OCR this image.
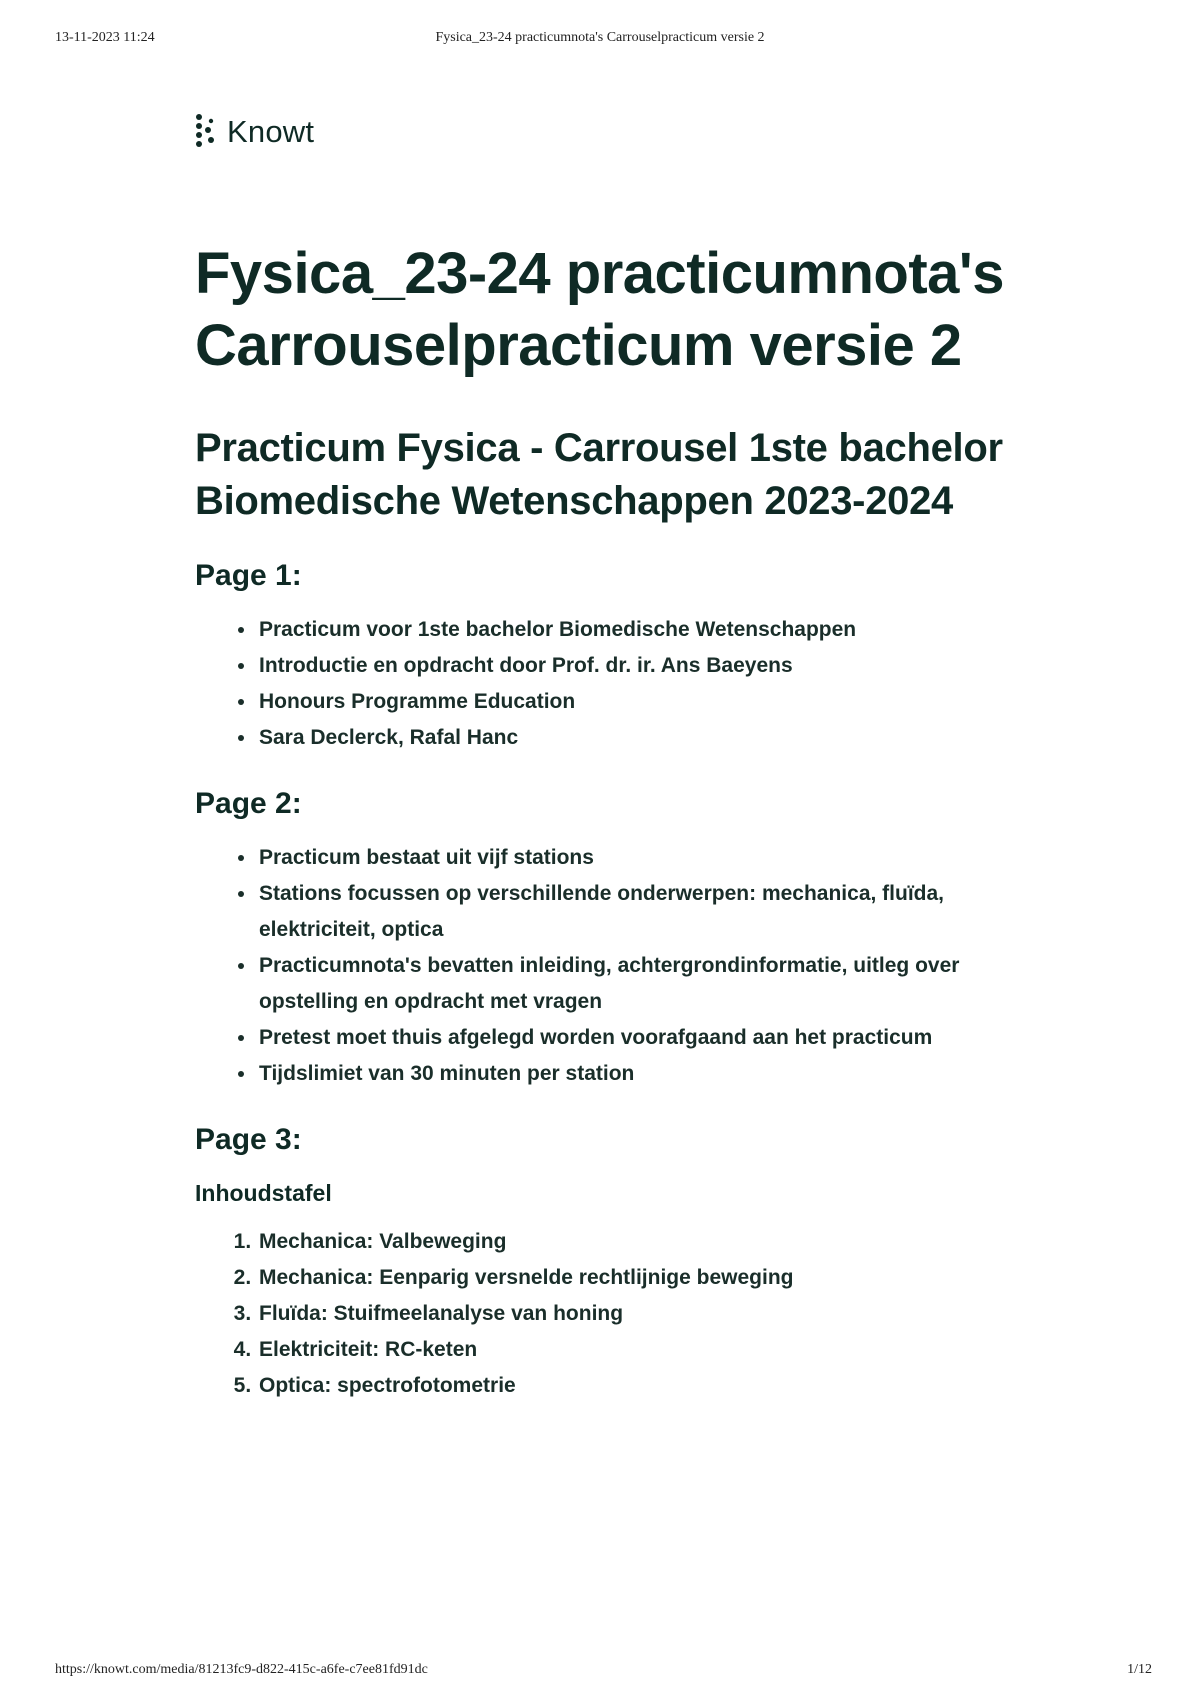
13-11-2023 11:24	Fysica_23-24 practicumnota's Carrouselpracticum versie 2
Knowt
Fysica_23-24 practicumnota's Carrouselpracticum versie 2
Practicum Fysica - Carrousel 1ste bachelor Biomedische Wetenschappen 2023-2024
Page 1:
• Practicum voor 1ste bachelor Biomedische Wetenschappen
• Introductie en opdracht door Prof. dr. ir. Ans Baeyens
• Honours Programme Education
• Sara Declerck, Rafal Hanc
Page 2:
• Practicum bestaat uit vijf stations
• Stations focussen op verschillende onderwerpen: mechanica, fluïda, elektriciteit, optica
• Practicumnota's bevatten inleiding, achtergrondinformatie, uitleg over opstelling en opdracht met vragen
• Pretest moet thuis afgelegd worden voorafgaand aan het practicum
• Tijdslimiet van 30 minuten per station
Page 3:
Inhoudstafel
1. Mechanica: Valbeweging
2. Mechanica: Eenparig versnelde rechtlijnige beweging
3. Fluïda: Stuifmeelanalyse van honing
4. Elektriciteit: RC-keten
5. Optica: spectrofotometrie
https://knowt.com/media/81213fc9-d822-415c-a6fe-c7ee81fd91dc	1/12
